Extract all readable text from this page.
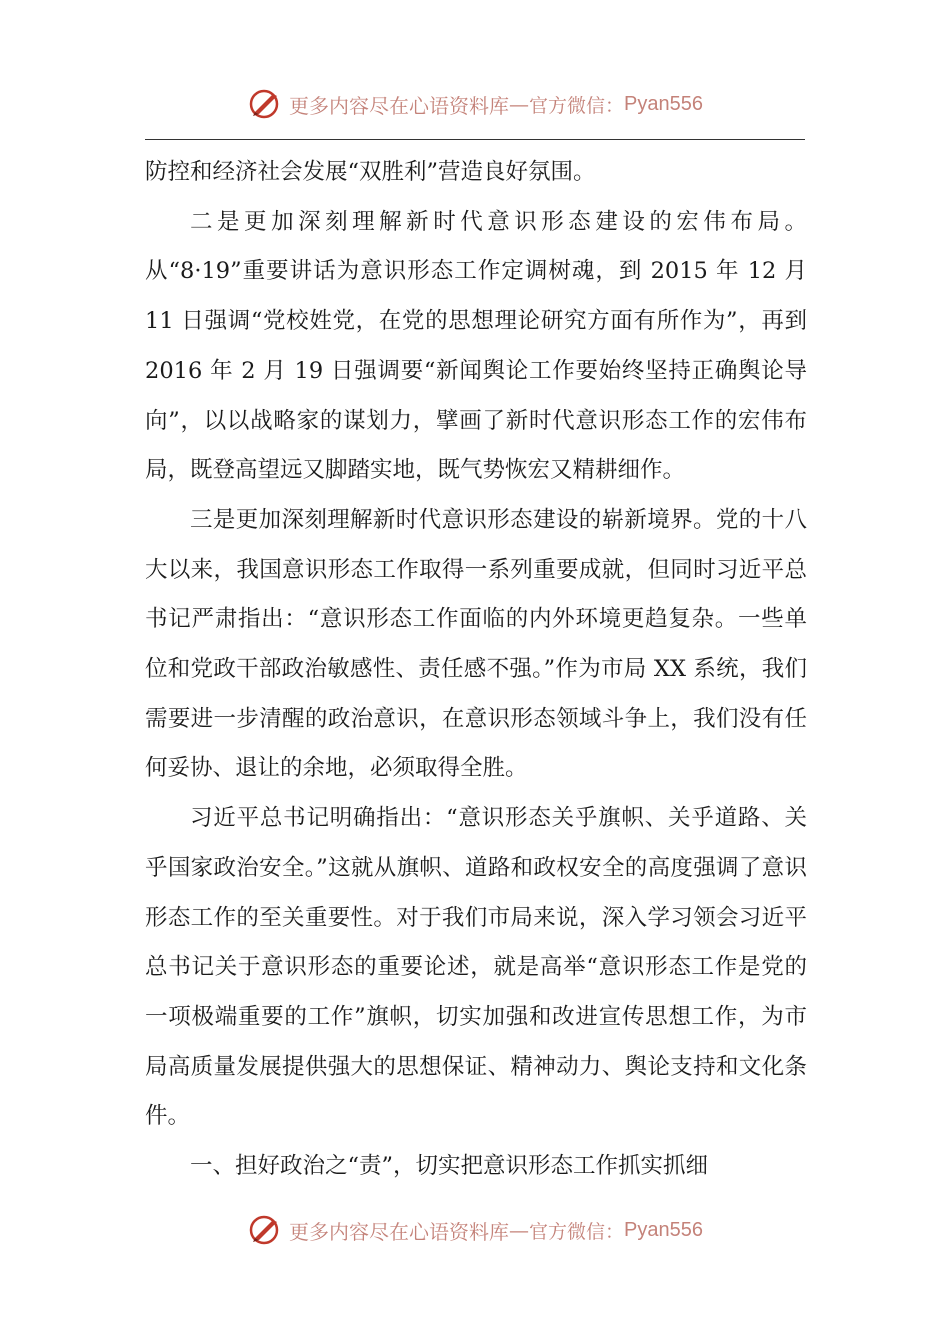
更多内容尽在心语资料库 — 官方微信： Pyan556

防控和经济社会发展“双胜利”营造良好氛围。

二是更加深刻理解新时代意识形态建设的宏伟布局。从“8·19”重要讲话为意识形态工作定调树魂，到 2015 年 12 月 11 日强调“党校姓党，在党的思想理论研究方面有所作为”，再到 2016 年 2 月 19 日强调要“新闻舆论工作要始终坚持正确舆论导向”，以以战略家的谋划力，擘画了新时代意识形态工作的宏伟布局，既登高望远又脚踏实地，既气势恢宏又精耕细作。

三是更加深刻理解新时代意识形态建设的崭新境界。党的十八大以来，我国意识形态工作取得一系列重要成就，但同时习近平总书记严肃指出：“意识形态工作面临的内外环境更趋复杂。一些单位和党政干部政治敏感性、责任感不强。”作为市局 XX 系统，我们需要进一步清醒的政治意识，在意识形态领域斗争上，我们没有任何妥协、退让的余地，必须取得全胜。

习近平总书记明确指出：“意识形态关乎旗帜、关乎道路、关乎国家政治安全。”这就从旗帜、道路和政权安全的高度强调了意识形态工作的至关重要性。对于我们市局来说，深入学习领会习近平总书记关于意识形态的重要论述，就是高举“意识形态工作是党的一项极端重要的工作”旗帜，切实加强和改进宣传思想工作，为市局高质量发展提供强大的思想保证、精神动力、舆论支持和文化条件。

一、担好政治之“责”，切实把意识形态工作抓实抓细

更多内容尽在心语资料库 — 官方微信： Pyan556
